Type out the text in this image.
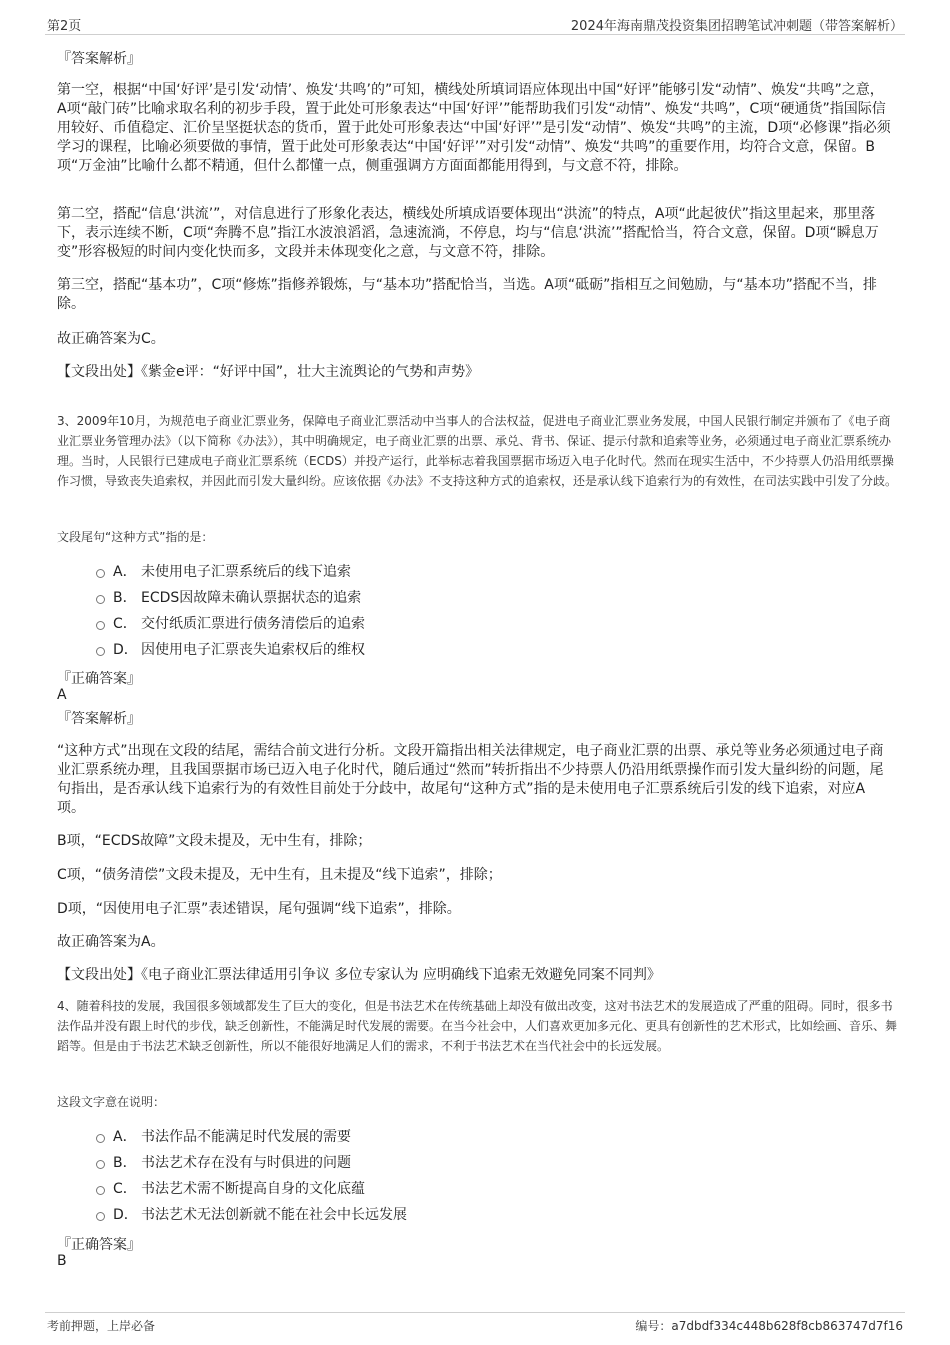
第2页	2024年海南鼎茂投资集团招聘笔试冲刺题（带答案解析）
『答案解析』
第一空，根据“中国‘好评’是引发‘动情’、焕发‘共鸣’的”可知，横线处所填词语应体现出中国“好评”能够引发“动情”、焕发“共鸣”之意，A项“敲门砖”比喻求取名利的初步手段，置于此处可形象表达“中国‘好评’”能帮助我们引发“动情”、焕发“共鸣”，C项“硬通货”指国际信用较好、币值稳定、汇价呈坚挺状态的货币，置于此处可形象表达“中国‘好评’”是引发“动情”、焕发“共鸣”的主流，D项“必修课”指必须学习的课程，比喻必须要做的事情，置于此处可形象表达“中国‘好评’”对引发“动情”、焕发“共鸣”的重要作用，均符合文意，保留。B项“万金油”比喻什么都不精通，但什么都懂一点，侧重强调方方面面都能用得到，与文意不符，排除。
第二空，搭配“信息‘洪流’”，对信息进行了形象化表达，横线处所填成语要体现出“洪流”的特点，A项“此起彼伏”指这里起来，那里落下，表示连续不断，C项“奔腾不息”指江水波浪滔滔，急速流淌，不停息，均与“信息‘洪流’”搭配恰当，符合文意，保留。D项“瞬息万变”形容极短的时间内变化快而多，文段并未体现变化之意，与文意不符，排除。
第三空，搭配“基本功”，C项“修炼”指修养锻炼，与“基本功”搭配恰当，当选。A项“砥砺”指相互之间勉励，与“基本功”搭配不当，排除。
故正确答案为C。
【文段出处】《紫金e评：“好评中国”，壮大主流舆论的气势和声势》
3、2009年10月，为规范电子商业汇票业务，保障电子商业汇票活动中当事人的合法权益，促进电子商业汇票业务发展，中国人民银行制定并颁布了《电子商业汇票业务管理办法》（以下简称《办法》），其中明确规定，电子商业汇票的出票、承兑、背书、保证、提示付款和追索等业务，必须通过电子商业汇票系统办理。当时，人民银行已建成电子商业汇票系统（ECDS）并投产运行，此举标志着我国票据市场迈入电子化时代。然而在现实生活中，不少持票人仍沿用纸票操作习惯，导致丧失追索权，并因此而引发大量纠纷。应该依据《办法》不支持这种方式的追索权，还是承认线下追索行为的有效性，在司法实践中引发了分歧。
文段尾句“这种方式”指的是：
A． 未使用电子汇票系统后的线下追索
B． ECDS因故障未确认票据状态的追索
C． 交付纸质汇票进行债务清偿后的追索
D． 因使用电子汇票丧失追索权后的维权
『正确答案』
A
『答案解析』
“这种方式”出现在文段的结尾，需结合前文进行分析。文段开篇指出相关法律规定，电子商业汇票的出票、承兑等业务必须通过电子商业汇票系统办理，且我国票据市场已迈入电子化时代，随后通过“然而”转折指出不少持票人仍沿用纸票操作而引发大量纠纷的问题，尾句指出，是否承认线下追索行为的有效性目前处于分歧中，故尾句“这种方式”指的是未使用电子汇票系统后引发的线下追索，对应A项。
B项，“ECDS故障”文段未提及，无中生有，排除；
C项，“债务清偿”文段未提及，无中生有，且未提及“线下追索”，排除；
D项，“因使用电子汇票”表述错误，尾句强调“线下追索”，排除。
故正确答案为A。
【文段出处】《电子商业汇票法律适用引争议 多位专家认为 应明确线下追索无效避免同案不同判》
4、随着科技的发展，我国很多领域都发生了巨大的变化，但是书法艺术在传统基础上却没有做出改变，这对书法艺术的发展造成了严重的阻碍。同时，很多书法作品并没有跟上时代的步伐，缺乏创新性，不能满足时代发展的需要。在当今社会中，人们喜欢更加多元化、更具有创新性的艺术形式，比如绘画、音乐、舞蹈等。但是由于书法艺术缺乏创新性，所以不能很好地满足人们的需求，不利于书法艺术在当代社会中的长远发展。
这段文字意在说明：
A． 书法作品不能满足时代发展的需要
B． 书法艺术存在没有与时俱进的问题
C． 书法艺术需不断提高自身的文化底蕴
D． 书法艺术无法创新就不能在社会中长远发展
『正确答案』
B
考前押题，上岸必备	编号：a7dbdf334c448b628f8cb863747d7f16
